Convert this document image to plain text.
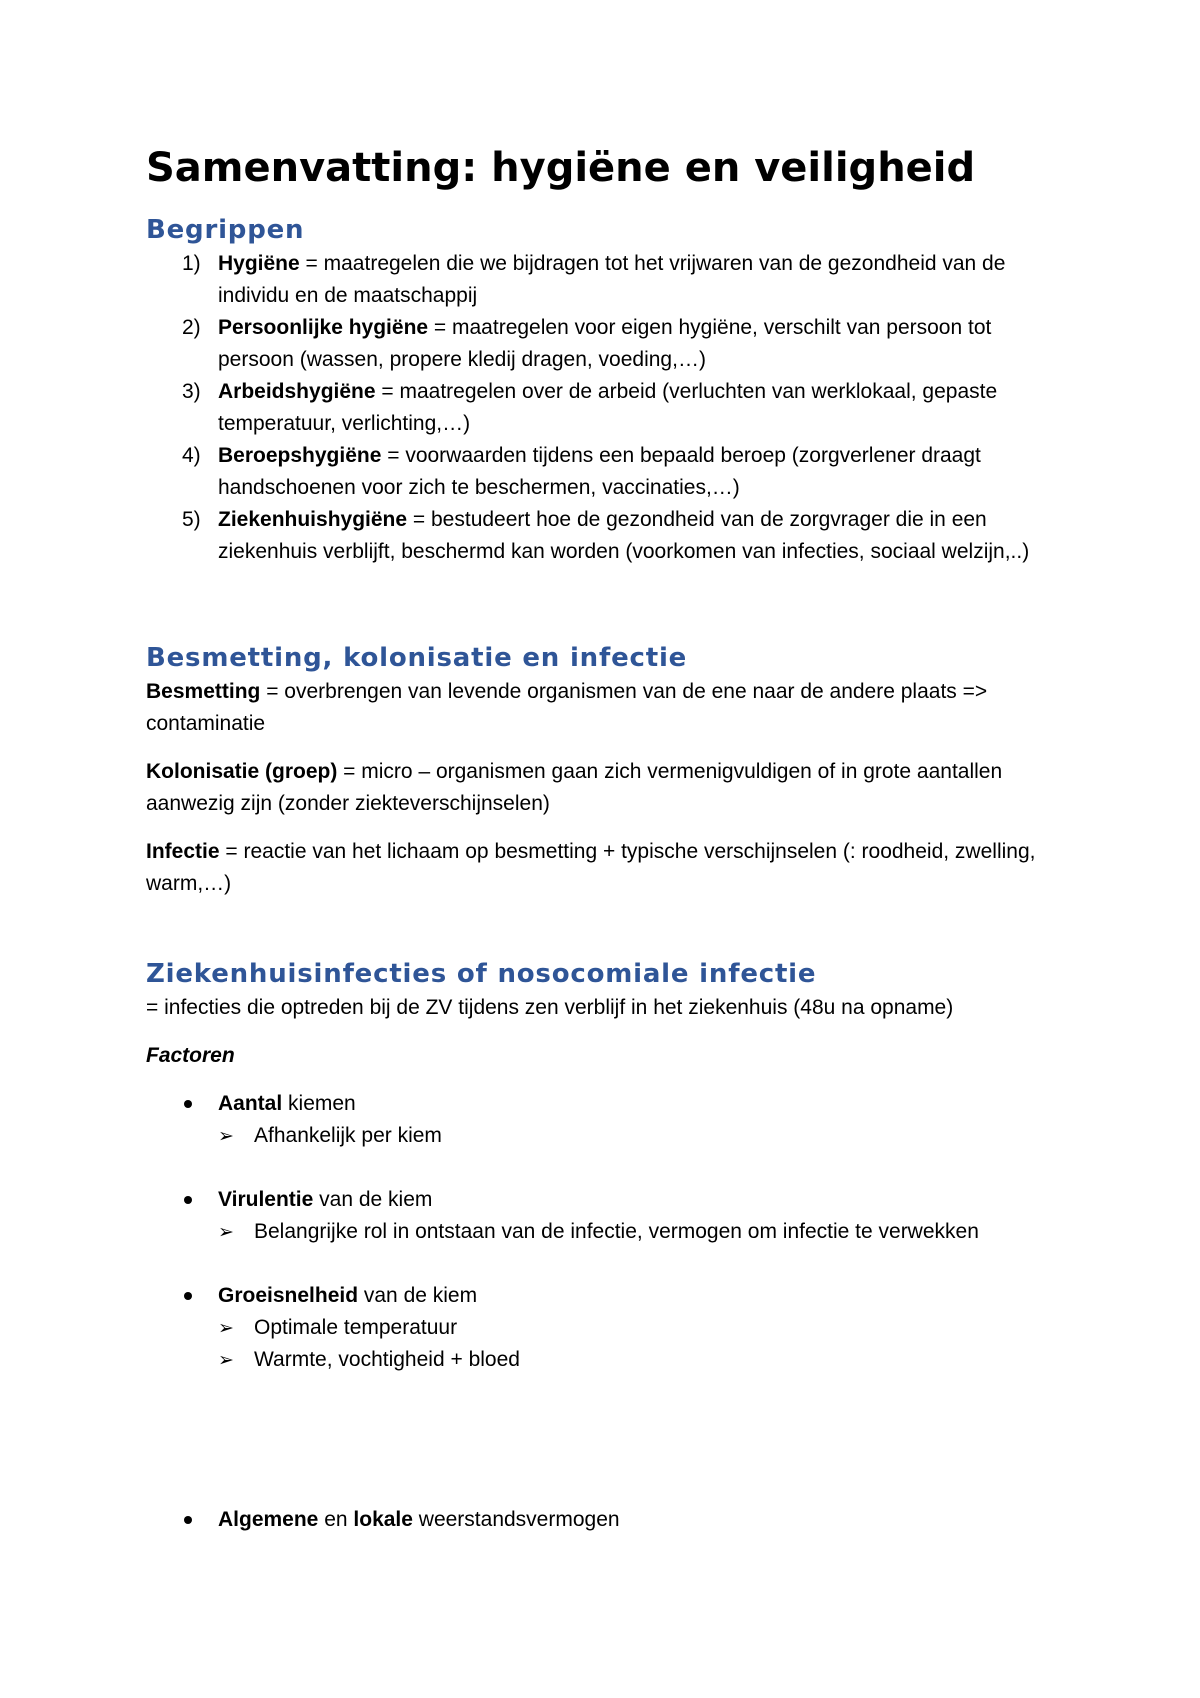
Samenvatting: hygiëne en veiligheid
Begrippen
1) Hygiëne = maatregelen die we bijdragen tot het vrijwaren van de gezondheid van de individu en de maatschappij
2) Persoonlijke hygiëne = maatregelen voor eigen hygiëne, verschilt van persoon tot persoon (wassen, propere kledij dragen, voeding,…)
3) Arbeidshygiëne = maatregelen over de arbeid (verluchten van werklokaal, gepaste temperatuur, verlichting,…)
4) Beroepshygiëne = voorwaarden tijdens een bepaald beroep (zorgverlener draagt handschoenen voor zich te beschermen, vaccinaties,…)
5) Ziekenhuishygiëne = bestudeert hoe de gezondheid van de zorgvrager die in een ziekenhuis verblijft, beschermd kan worden (voorkomen van infecties, sociaal welzijn,..)
Besmetting, kolonisatie en infectie

Besmetting = overbrengen van levende organismen van de ene naar de andere plaats => contaminatie

Kolonisatie (groep) = micro – organismen gaan zich vermenigvuldigen of in grote aantallen aanwezig zijn (zonder ziekteverschijnselen)

Infectie = reactie van het lichaam op besmetting + typische verschijnselen (: roodheid, zwelling, warm,…)

Ziekenhuisinfecties of nosocomiale infectie

= infecties die optreden bij de ZV tijdens zen verblijf in het ziekenhuis (48u na opname)

Factoren

Aantal kiemen
➢ Afhankelijk per kiem
Virulentie van de kiem
➢ Belangrijke rol in ontstaan van de infectie, vermogen om infectie te verwekken
Groeisnelheid van de kiem
➢ Optimale temperatuur
➢ Warmte, vochtigheid + bloed
Algemene en lokale weerstandsvermogen
